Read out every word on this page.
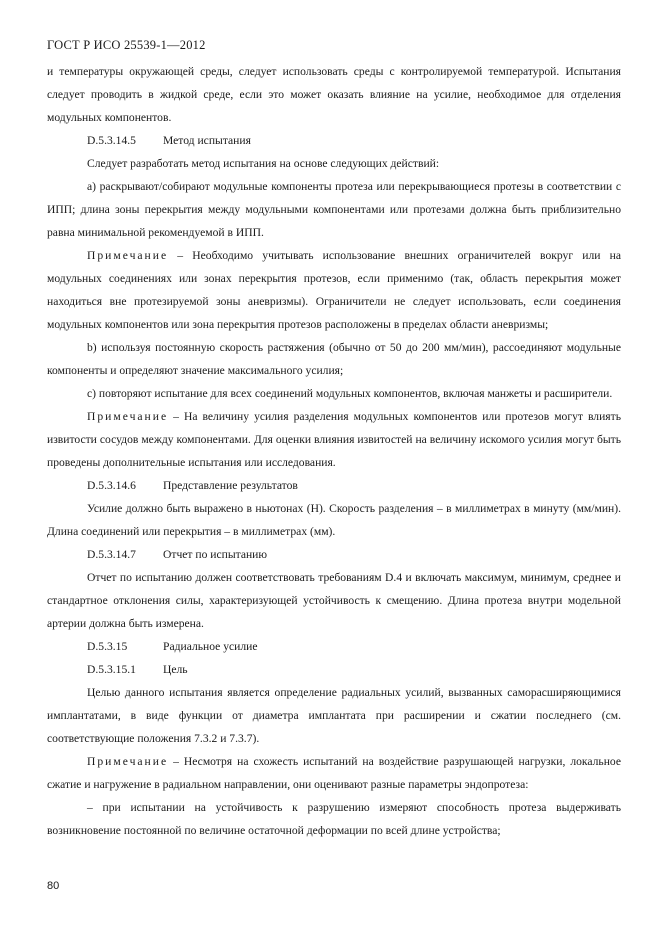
ГОСТ Р ИСО 25539-1—2012

и температуры окружающей среды, следует использовать среды с контролируемой температурой. Испытания следует проводить в жидкой среде, если это может оказать влияние на усилие, необходимое для отделения модульных компонентов.

D.5.3.14.5 Метод испытания

Следует разработать метод испытания на основе следующих действий:

а) раскрывают/собирают модульные компоненты протеза или перекрывающиеся протезы в соответствии с ИПП; длина зоны перекрытия между модульными компонентами или протезами должна быть приблизительно равна минимальной рекомендуемой в ИПП.

Примечание – Необходимо учитывать использование внешних ограничителей вокруг или на модульных соединениях или зонах перекрытия протезов, если применимо (так, область перекрытия может находиться вне протезируемой зоны аневризмы). Ограничители не следует использовать, если соединения модульных компонентов или зона перекрытия протезов расположены в пределах области аневризмы;

b) используя постоянную скорость растяжения (обычно от 50 до 200 мм/мин), рассоединяют модульные компоненты и определяют значение максимального усилия;

с) повторяют испытание для всех соединений модульных компонентов, включая манжеты и расширители.

Примечание – На величину усилия разделения модульных компонентов или протезов могут влиять извитости сосудов между компонентами. Для оценки влияния извитостей на величину искомого усилия могут быть проведены дополнительные испытания или исследования.

D.5.3.14.6 Представление результатов

Усилие должно быть выражено в ньютонах (Н). Скорость разделения – в миллиметрах в минуту (мм/мин). Длина соединений или перекрытия – в миллиметрах (мм).

D.5.3.14.7 Отчет по испытанию

Отчет по испытанию должен соответствовать требованиям D.4 и включать максимум, минимум, среднее и стандартное отклонения силы, характеризующей устойчивость к смещению. Длина протеза внутри модельной артерии должна быть измерена.

D.5.3.15	Радиальное усилие

D.5.3.15.1 Цель

Целью данного испытания является определение радиальных усилий, вызванных саморасширяющимися имплантатами, в виде функции от диаметра имплантата при расширении и сжатии последнего (см. соответствующие положения 7.3.2 и 7.3.7).

Примечание – Несмотря на схожесть испытаний на воздействие разрушающей нагрузки, локальное сжатие и нагружение в радиальном направлении, они оценивают разные параметры эндопротеза:

– при испытании на устойчивость к разрушению измеряют способность протеза выдерживать возникновение постоянной по величине остаточной деформации по всей длине устройства;

80
